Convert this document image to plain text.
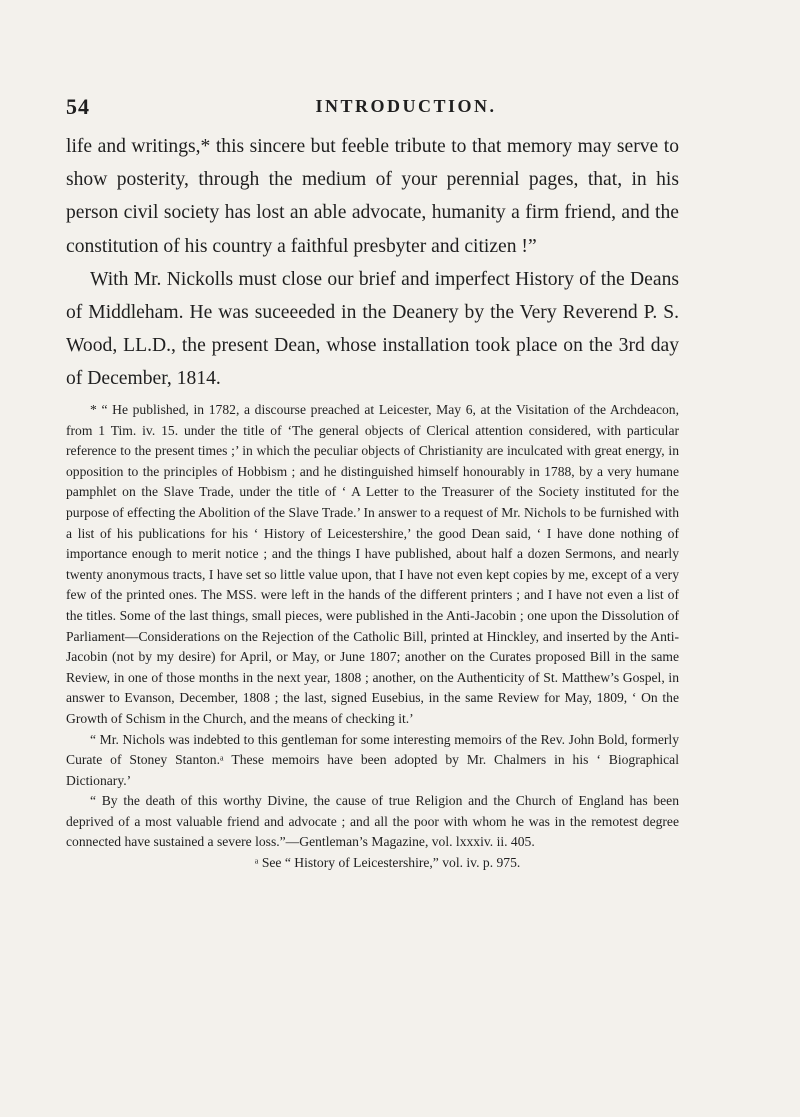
54	INTRODUCTION.

life and writings,* this sincere but feeble tribute to that memory may serve to show posterity, through the medium of your perennial pages, that, in his person civil society has lost an able advocate, humanity a firm friend, and the constitution of his country a faithful presbyter and citizen !”

With Mr. Nickolls must close our brief and imperfect History of the Deans of Middleham. He was suceeeded in the Deanery by the Very Reverend P. S. Wood, LL.D., the present Dean, whose installation took place on the 3rd day of December, 1814.

* “ He published, in 1782, a discourse preached at Leicester, May 6, at the Visitation of the Archdeacon, from 1 Tim. iv. 15. under the title of ‘The general objects of Clerical attention considered, with particular reference to the present times ;’ in which the peculiar objects of Christianity are inculcated with great energy, in opposition to the principles of Hobbism ; and he distinguished himself honourably in 1788, by a very humane pamphlet on the Slave Trade, under the title of ‘ A Letter to the Treasurer of the Society instituted for the purpose of effecting the Abolition of the Slave Trade.’ In answer to a request of Mr. Nichols to be furnished with a list of his publications for his ‘ History of Leicestershire,’ the good Dean said, ‘ I have done nothing of importance enough to merit notice ; and the things I have published, about half a dozen Sermons, and nearly twenty anonymous tracts, I have set so little value upon, that I have not even kept copies by me, except of a very few of the printed ones. The MSS. were left in the hands of the different printers ; and I have not even a list of the titles. Some of the last things, small pieces, were published in the Anti-Jacobin ; one upon the Dissolution of Parliament—Considerations on the Rejection of the Catholic Bill, printed at Hinckley, and inserted by the Anti-Jacobin (not by my desire) for April, or May, or June 1807; another on the Curates proposed Bill in the same Review, in one of those months in the next year, 1808 ; another, on the Authenticity of St. Matthew’s Gospel, in answer to Evanson, December, 1808 ; the last, signed Eusebius, in the same Review for May, 1809, ‘ On the Growth of Schism in the Church, and the means of checking it.’

“ Mr. Nichols was indebted to this gentleman for some interesting memoirs of the Rev. John Bold, formerly Curate of Stoney Stanton.ᵃ These memoirs have been adopted by Mr. Chalmers in his ‘ Biographical Dictionary.’

“ By the death of this worthy Divine, the cause of true Religion and the Church of England has been deprived of a most valuable friend and advocate ; and all the poor with whom he was in the remotest degree connected have sustained a severe loss.”—Gentleman’s Magazine, vol. lxxxiv. ii. 405.

ᵃ See “ History of Leicestershire,” vol. iv. p. 975.
